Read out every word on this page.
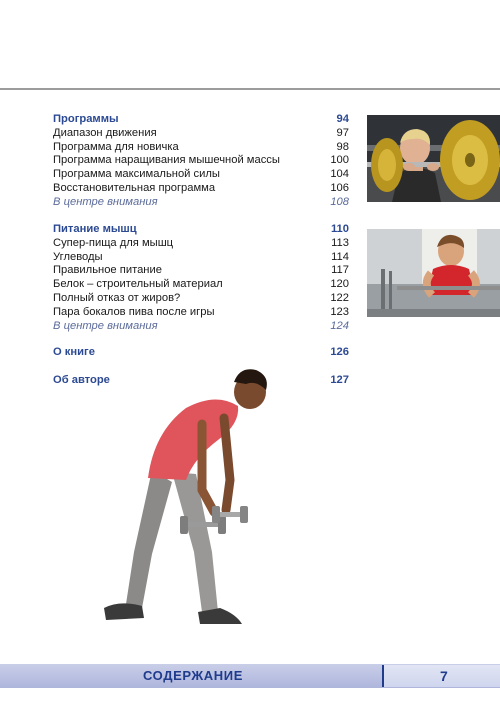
Программы	94
Диапазон движения	97
Программа для новичка	98
Программа наращивания мышечной массы	100
Программа максимальной силы	104
Восстановительная программа	106
В центре внимания	108
Питание мышц	110
Супер-пища для мышц	113
Углеводы	114
Правильное питание	117
Белок – строительный материал	120
Полный отказ от жиров?	122
Пара бокалов пива после игры	123
В центре внимания	124
О книге	126
Об авторе	127
СОДЕРЖАНИЕ	7
